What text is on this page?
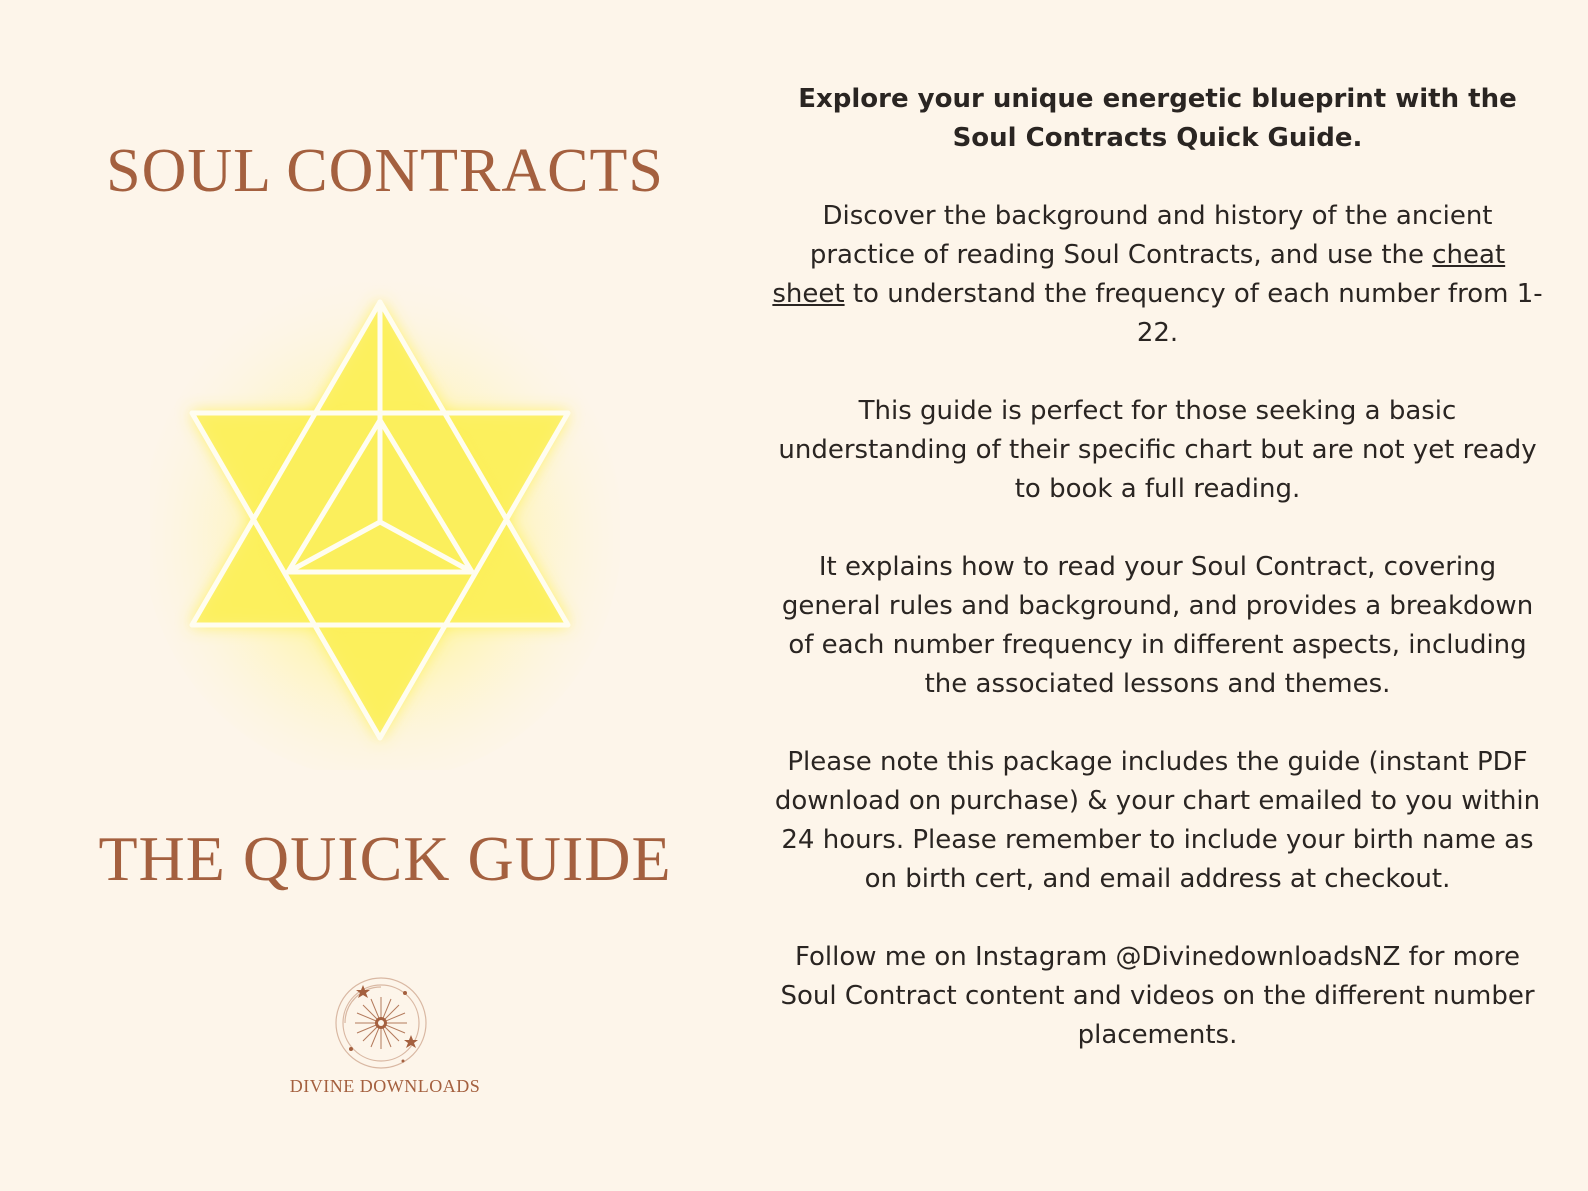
SOUL CONTRACTS
THE QUICK GUIDE
DIVINE DOWNLOADS

Explore your unique energetic blueprint with the Soul Contracts Quick Guide.

Discover the background and history of the ancient practice of reading Soul Contracts, and use the cheat sheet to understand the frequency of each number from 1-22.

This guide is perfect for those seeking a basic understanding of their specific chart but are not yet ready to book a full reading.

It explains how to read your Soul Contract, covering general rules and background, and provides a breakdown of each number frequency in different aspects, including the associated lessons and themes.

Please note this package includes the guide (instant PDF download on purchase) & your chart emailed to you within 24 hours. Please remember to include your birth name as on birth cert, and email address at checkout.

Follow me on Instagram @DivinedownloadsNZ for more Soul Contract content and videos on the different number placements.
